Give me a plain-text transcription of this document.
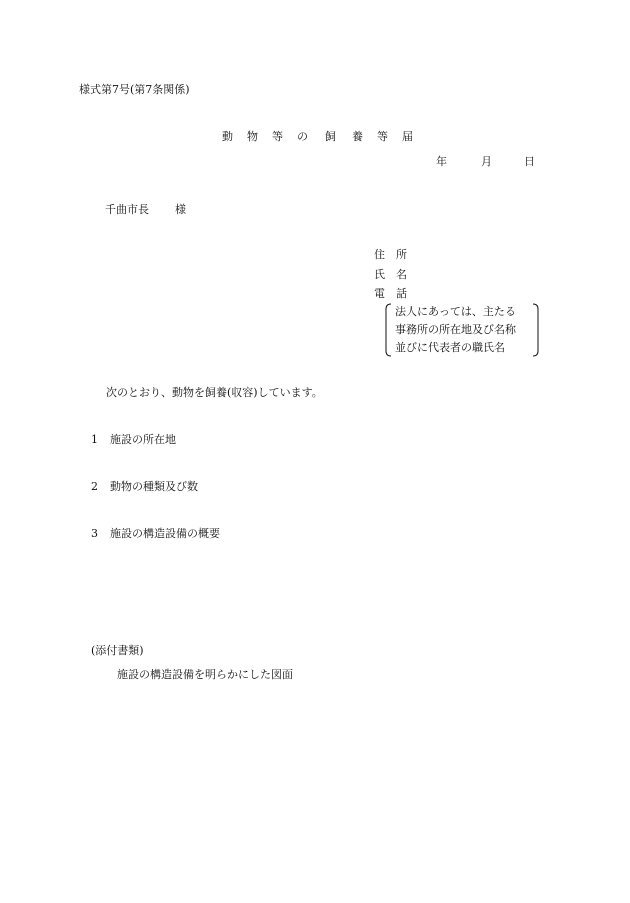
様式第7号(第7条関係)
動 物 等 の 飼 養 等 届
年	月	日
千曲市長 様
住 所
氏 名
電 話
法人にあっては、主たる
事務所の所在地及び名称
並びに代表者の職氏名
次のとおり、動物を飼養(収容)しています。
1 施設の所在地
2 動物の種類及び数
3 施設の構造設備の概要
(添付書類)
施設の構造設備を明らかにした図面
